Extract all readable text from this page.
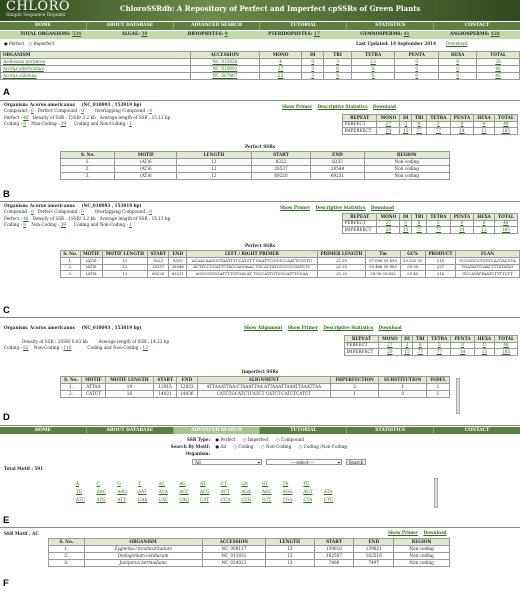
CHLORO
Simple Sequence Repeats
ChloroSSRdb: A Repository of Perfect and Imperfect cpSSRs of Green Plants
HOME	ABOUT DATABASE	ADVANCED SEARCH	TUTORIAL	STATISTICS	CONTACT
TOTAL ORGANISMS: 534	ALGAE: 39	BRYOPHYTES: 9	PTERIDOPHYTES: 17	GYMNOSPERMS: 41	ANGIOSPERMS: 428
● Perfect ○ Imperfect	Last Updated: 18 September 2014 Download
ORGANISM	ACCESSION	MONO	DI	TRI	TETRA	PENTA	HEXA	TOTAL
Acidosasa purpurea	NC_015820	4	0	3	13	0	0	20
Acorus americanus	NC_010093	27	3	8	5	0	0	48
Acorus calamus	NC_007407	23	3	8	5	0	0	45
A
Organism: Acorus americanus (NC_010093 , 153819 bp)
Compound : 0 Perfect Compound : 0	Overlapping Compound : 0
Perfect : 48 Density of SSR : 1SSR/ 3.2 kb Average length of SSR : 15.13 bp
Coding : 8 Non-Coding : 39 Coding and Non-Coding : 1
Show Primer Descriptive Statistics Download
REPEAT	MONO	DI	TRI	TETRA	PENTA	HEXA	TOTAL
PERFECT	27	3	8	5	0	0	48
IMPERFECT	29	15	77	77	14	13	185
Perfect SSRs
S. No.	MOTIF	LENGTH	START	END	REGION
1.	(AT)6	12	8322	8333	Non coding
2.	(AT)6	12	28537	28548	Non coding
3.	(AT)6	12	69220	69231	Non coding
B
Organism: Acorus americanus (NC_010093 , 153819 bp)
Compound : 0 Perfect Compound : 0	Overlapping Compound : 0
Perfect : 48 Density of SSR : 1SSR/ 3.2 kb Average length of SSR : 15.13 bp
Coding : 8 Non-Coding : 39 Coding and Non-Coding : 1
Show Primer Descriptive Statistics Download
REPEAT	MONO	DI	TRI	TETRA	PENTA	HEXA	TOTAL
PERFECT	27	3	8	5	0	0	48
IMPERFECT	29	15	77	77	14	13	185
Perfect SSRs
S. No.	MOTIF	MOTIF LENGTH	START	END	LEFT / RIGHT PRIMER	PRIMER LENGTH	Tm	GC%	PRODUCT	FLAN
1.	(AT)6	12	8322	8333	ACAACAAGGGTAATTTCCATCTT GAATTCGGGCCAATTCGGTG	22 20	57.006 59.899	33.333 55	216	CCCGGCCTGGTCAGTACCTA
2.	(AT)6	12	28537	28548	ACTTCCCGATTCTACCAGGAAC TGCATTATGCCCCCGATCTC	22 20	59.486 59.963	50 55	227	TGATAGTCAATTTTATATAT
3.	(AT)6	12	69220	69231	AGCGGGGGATTTTGTGACAT TGCCATTGTCGCATTTCCAA	20 20	59.96 59.655	50 45	216	GCCATATTAATCTTTTCTT
C
Organism: Acorus americanus (NC_010093 , 153819 bp)
Density of SSR : 1SSR/ 0.83 kb	Average length of SSR : 14.23 bp
Coding : 62 Non-Coding : 110	Coding and Non-Coding : 13
Show Alignment Show Primer Descriptive Statistics Download
REPEAT	MONO	DI	TRI	TETRA	PENTA	HEXA	TOTAL
PERFECT	27	3	8	5	0	0	48
IMPERFECT	29	15	77	77	14	13	185
Imperfect SSRs
S. No.	MOTIF	MOTIF LENGTH	START	END	ALIGNMENT	IMPERFECTION	SUBSTITUTION	INDEL
1.	ATTAA	19	12915	12933	ATTAAATTAA-CTAAATTAA ATTAAATTAAATTAAATTAA	2	1	1
2.	CATCT	16	14021	14036	CATCTGCATCTCATCT CATCT-CATCTCATCT	1	0	1
D
HOME	ABOUT DATABASE	ADVANCED SEARCH	TUTORIAL	STATISTICS	CONTACT
SSR Type: ● Perfect ○ Imperfect ○ Compound
Search By Motif: ● All ○ Coding ○ Non-Coding ○ Coding /Non-Coding
Organism:
All	▾	----select----	▾	Search
Total Motif : 591
A	C	G	T	AC	AG	AT	CT	GA	GT	TA	TC
TG	AAC	AAG	AAT	ACA	ACC	ACG	ACT	AGA	AGC	AGG	AGT	ATA
ATC	ATG	ATT	CAA	CAC	CAG	CAT	CCA	CCG	CCT	CGA	CTA	CTC
E
SSR Motif : AC	Show Primer Download
S. No.	ORGANISM	ACCESSION	LENGTH	START	END	REGION
1.	Zygnema circumcarinatum	NC_008117	12	139610	139621	Non coding
2.	Oedogonium cardiacum	NC_011031	12	162507	162518	Non coding
3.	Juniperus bermudiana	NC_024021	12	7486	7497	Non coding
F
